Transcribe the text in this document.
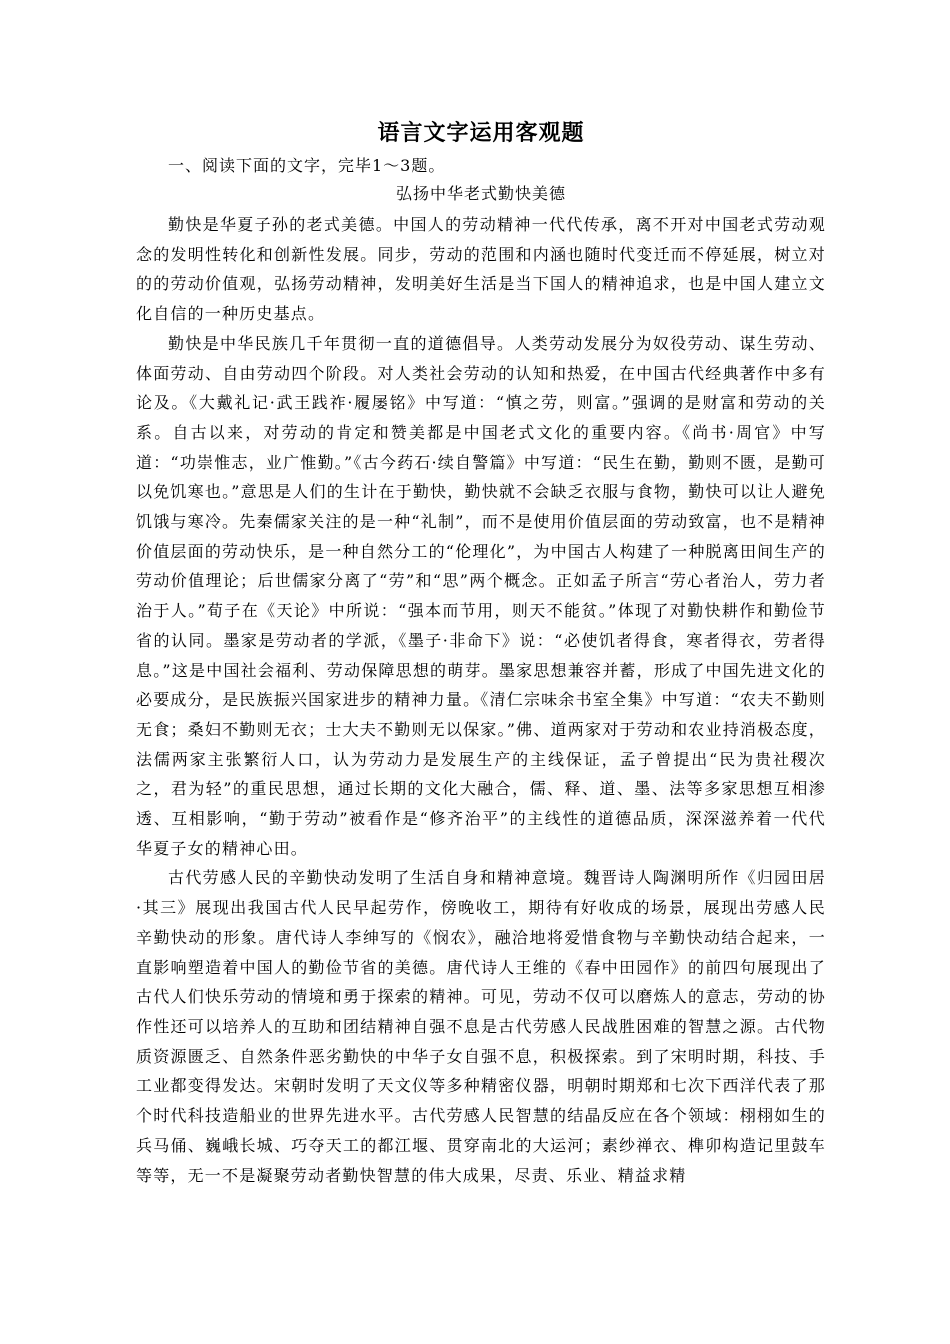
语言文字运用客观题
一、阅读下面的文字，完毕1～3题。
弘扬中华老式勤快美德

勤快是华夏子孙的老式美德。中国人的劳动精神一代代传承，离不开对中国老式劳动观念的发明性转化和创新性发展。同步，劳动的范围和内涵也随时代变迁而不停延展，树立对的的劳动价值观，弘扬劳动精神，发明美好生活是当下国人的精神追求，也是中国人建立文化自信的一种历史基点。

勤快是中华民族几千年贯彻一直的道德倡导。人类劳动发展分为奴役劳动、谋生劳动、体面劳动、自由劳动四个阶段。对人类社会劳动的认知和热爱，在中国古代经典著作中多有论及。《大戴礼记·武王践祚·履屡铭》中写道：“慎之劳，则富。”强调的是财富和劳动的关系。自古以来，对劳动的肯定和赞美都是中国老式文化的重要内容。《尚书·周官》中写道：“功崇惟志，业广惟勤。”《古今药石·续自警篇》中写道：“民生在勤，勤则不匮，是勤可以免饥寒也。”意思是人们的生计在于勤快，勤快就不会缺乏衣服与食物，勤快可以让人避免饥饿与寒冷。先秦儒家关注的是一种“礼制”，而不是使用价值层面的劳动致富，也不是精神价值层面的劳动快乐，是一种自然分工的“伦理化”，为中国古人构建了一种脱离田间生产的劳动价值理论；后世儒家分离了“劳”和“思”两个概念。正如孟子所言“劳心者治人，劳力者治于人。”荀子在《天论》中所说：“强本而节用，则天不能贫。”体现了对勤快耕作和勤俭节省的认同。墨家是劳动者的学派，《墨子·非命下》说：“必使饥者得食，寒者得衣，劳者得息。”这是中国社会福利、劳动保障思想的萌芽。墨家思想兼容并蓄，形成了中国先进文化的必要成分，是民族振兴国家进步的精神力量。《清仁宗味余书室全集》中写道：“农夫不勤则无食；桑妇不勤则无衣；士大夫不勤则无以保家。”佛、道两家对于劳动和农业持消极态度，法儒两家主张繁衍人口，认为劳动力是发展生产的主线保证，孟子曾提出“民为贵社稷次之，君为轻”的重民思想，通过长期的文化大融合，儒、释、道、墨、法等多家思想互相渗透、互相影响，“勤于劳动”被看作是“修齐治平”的主线性的道德品质，深深滋养着一代代华夏子女的精神心田。

古代劳感人民的辛勤快动发明了生活自身和精神意境。魏晋诗人陶渊明所作《归园田居·其三》展现出我国古代人民早起劳作，傍晚收工，期待有好收成的场景，展现出劳感人民辛勤快动的形象。唐代诗人李绅写的《悯农》，融洽地将爱惜食物与辛勤快动结合起来，一直影响塑造着中国人的勤俭节省的美德。唐代诗人王维的《春中田园作》的前四句展现出了古代人们快乐劳动的情境和勇于探索的精神。可见，劳动不仅可以磨炼人的意志，劳动的协作性还可以培养人的互助和团结精神自强不息是古代劳感人民战胜困难的智慧之源。古代物质资源匮乏、自然条件恶劣勤快的中华子女自强不息，积极探索。到了宋明时期，科技、手工业都变得发达。宋朝时发明了天文仪等多种精密仪器，明朝时期郑和七次下西洋代表了那个时代科技造船业的世界先进水平。古代劳感人民智慧的结晶反应在各个领域：栩栩如生的兵马俑、巍峨长城、巧夺天工的都江堰、贯穿南北的大运河；素纱禅衣、榫卯构造记里鼓车等等，无一不是凝聚劳动者勤快智慧的伟大成果，尽责、乐业、精益求精
